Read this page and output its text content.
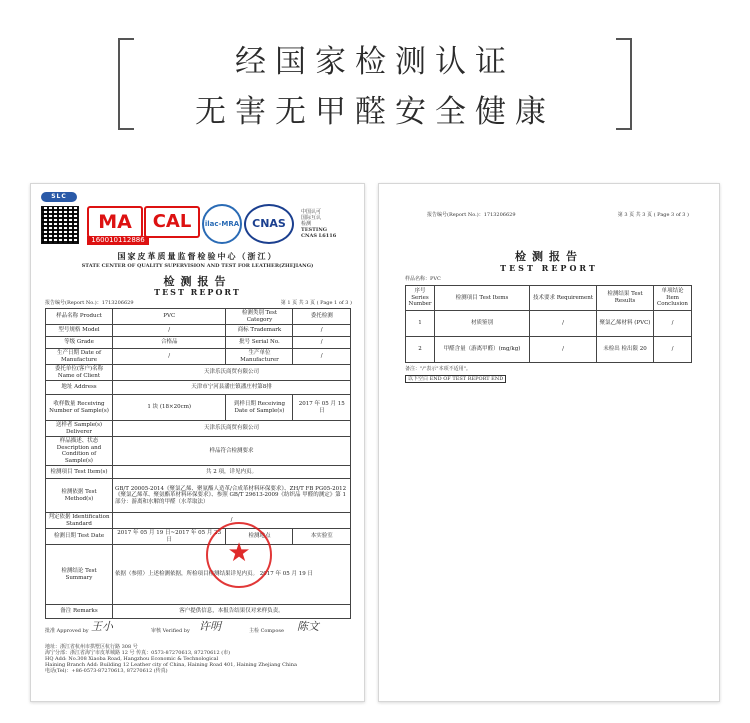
经国家检测认证
无害无甲醛安全健康
SLC
MA	CAL
160010112886
ilac-MRA	CNAS
中国认可
国际互认
检测
TESTING
CNAS L6116
国家皮革质量监督检验中心（浙江）
STATE CENTER OF QUALITY SUPERVISION AND TEST FOR LEATHER(ZHEJIANG)
检测报告
TEST REPORT
报告编号(Report No.)：1713206629	第 1 页 共 3 页 ( Page 1 of 3 )
样品名称 Product	PVC	检测类别 Test Category	委托检测
型号规格 Model	/	商标 Trademark	/
等级 Grade	合格品	批号 Serial No.	/
生产日期 Date of Manufacture	/	生产单位 Manufacturer	/
委托单位(客户)名称 Name of Client	天津乐沃商贸有限公司		
地址 Address	天津市宁河县潘庄镇潘庄村第8排		
收样数量 Receiving Number of Sample(s)	1 块 (18×20cm)	到样日期 Receiving Date of Sample(s)	2017 年 05 月 15 日
送样者 Sample(s) Deliverer	天津乐沃商贸有限公司		
样品描述、状态 Description and Condition of Sample(s)	样品符合检测要求		
检测项目 Test Item(s)	共 2 项，详见内页。		
检测依据 Test Method(s)	GB/T 20005-2014《聚氯乙烯、聚氨酯人造革/合成革材料环保要求》、ZH/T FB PG05-2012《聚氯乙烯革、聚氨酯革材料环保要求》、参照 GB/T 29613-2009《纺织品 甲醛的测定》第 1 部分：游离和水解的甲醛（水萃取法）		
判定依据 Identification Standard	/		
检测日期 Test Date	2017 年 05 月 19 日~2017 年 05 月 23 日	检测地点	本实验室
检测结论 Test Summary	依据（参照）上述检测依据，所检项目检测结果详见内页。 2017 年 05 月 19 日		
备注 Remarks	客户提供信息，本报告结果仅对来样负责。		
★
批准 Approved by 王小	审核 Verified by 许明	主检 Compose 陈文
地址：浙江省杭州市拱墅区杭行路 308 号
海宁分部：浙江省海宁市皮革城路 12 号 传真：0573-87270613, 87270612 (市)
HQ Add: No.308 Xiaoba Road, Hangzhou Economic & Technological
Haining Branch Add: Building 12 Leather city of China, Haining Road 401, Haining Zhejiang China
电话(Tel)：+86-0573-87270613, 87270612 (传真)
报告编号(Report No.)：1713206629	第 3 页 共 3 页 ( Page 3 of 3 )
检测报告
TEST REPORT
样品名称：PVC
序号 Series Number	检测项目 Test Items	技术要求 Requirement	检测结果 Test Results	单项结论 Item Conclusion
1	材质鉴别	/	聚氯乙烯材料 (PVC)	/
2	甲醛含量（游离甲醛）(mg/kg)	/	未检出 检出限 20	/
备注："/"表示"本项不适用"。
以下空白 END OF TEST REPORT END
